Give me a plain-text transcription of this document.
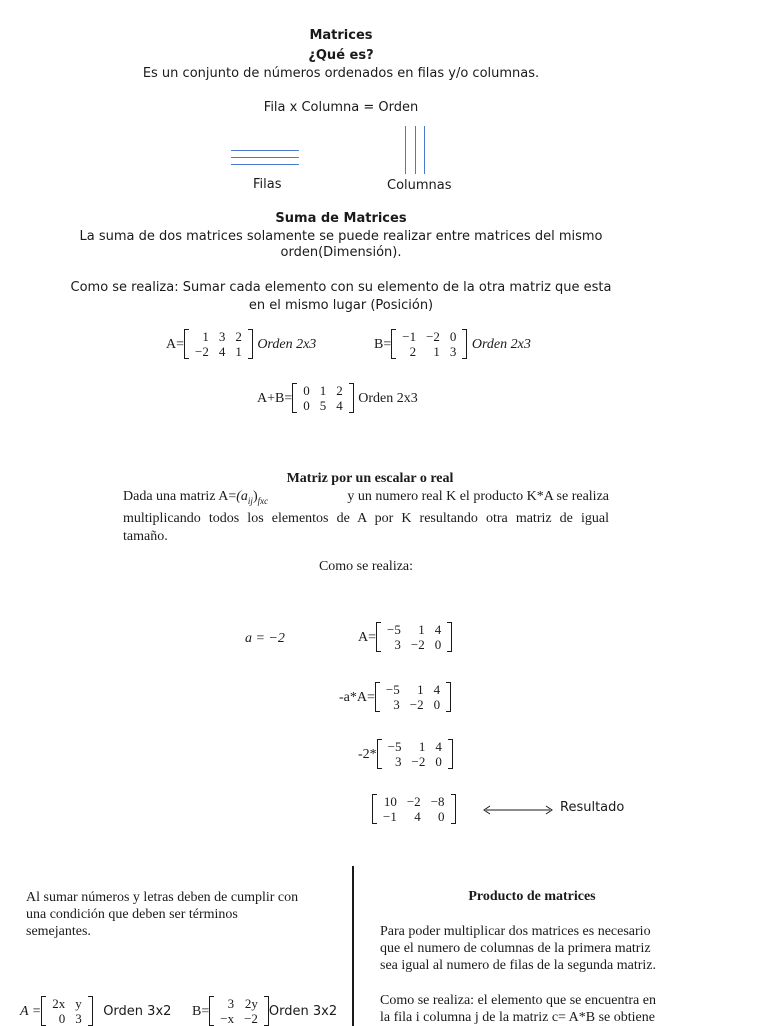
Matrices
¿Qué es?
Es un conjunto de números ordenados en filas y/o columnas.
Fila x Columna = Orden
Filas	Columnas
Suma de Matrices
La suma de dos matrices solamente se puede realizar entre matrices del mismo
orden(Dimensión).
Como se realiza: Sumar cada elemento con su elemento de la otra matriz que esta
en el mismo lugar (Posición)
A=
1	3	2
−2	4	1 Orden 2x3	B=
−1	−2	0
2	1	3 Orden 2x3
A+B=
0	1	2
0	5	4 Orden 2x3
Matriz por un escalar o real
Dada una matriz $A=(a_{ij})_{fxc}$	y un numero real K el producto K*A se realiza
multiplicando todos los elementos de A por K resultando otra matriz de igual
tamaño.
Como se realiza:
a = −2	A=
−5	1	4
3	−2	0
-a*A=
−5	1	4
3	−2	0
-2*
−5	1	4
3	−2	0
10	−2	−8
−1	4	0
Resultado
Al sumar números y letras deben de cumplir con
una condición que deben ser términos
semejantes.
A =
2x	y
0	3 Orden 3x2 B=
3	2y
−x	−2 Orden 3x2
Producto de matrices
Para poder multiplicar dos matrices es necesario
que el numero de columnas de la primera matriz
sea igual al numero de filas de la segunda matriz.
Como se realiza: el elemento que se encuentra en
la fila i columna j de la matriz c= A*B se obtiene
